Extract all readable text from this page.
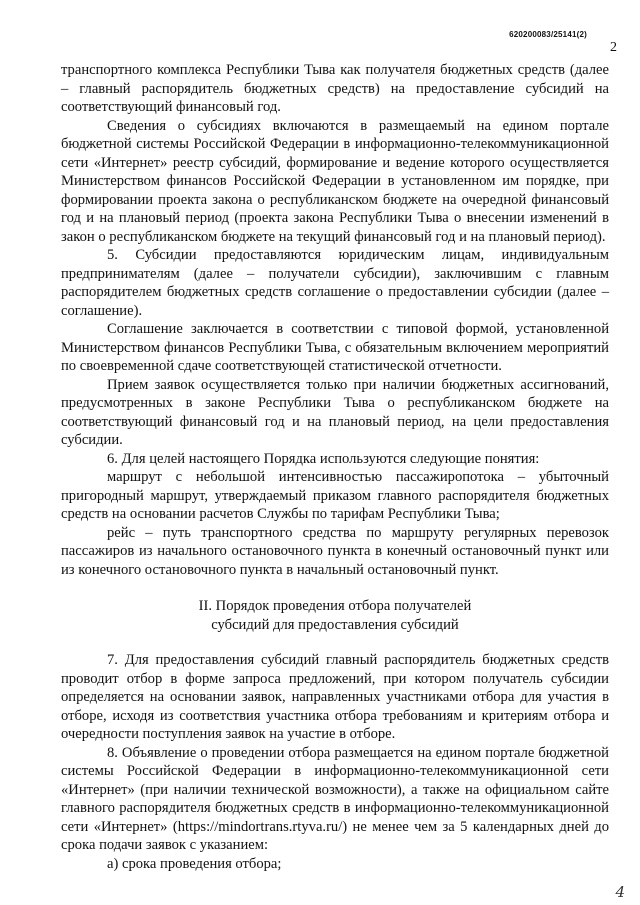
620200083/25141(2)
2

транспортного комплекса Республики Тыва как получателя бюджетных средств (далее – главный распорядитель бюджетных средств) на предоставление субсидий на соответствующий финансовый год.

Сведения о субсидиях включаются в размещаемый на едином портале бюджетной системы Российской Федерации в информационно-телекоммуникационной сети «Интернет» реестр субсидий, формирование и ведение которого осуществляется Министерством финансов Российской Федерации в установленном им порядке, при формировании проекта закона о республиканском бюджете на очередной финансовый год и на плановый период (проекта закона Республики Тыва о внесении изменений в закон о республиканском бюджете на текущий финансовый год и на плановый период).

5. Субсидии предоставляются юридическим лицам, индивидуальным предпринимателям (далее – получатели субсидии), заключившим с главным распорядителем бюджетных средств соглашение о предоставлении субсидии (далее – соглашение).

Соглашение заключается в соответствии с типовой формой, установленной Министерством финансов Республики Тыва, с обязательным включением мероприятий по своевременной сдаче соответствующей статистической отчетности.

Прием заявок осуществляется только при наличии бюджетных ассигнований, предусмотренных в законе Республики Тыва о республиканском бюджете на соответствующий финансовый год и на плановый период, на цели предоставления субсидии.

6. Для целей настоящего Порядка используются следующие понятия:

маршрут с небольшой интенсивностью пассажиропотока – убыточный пригородный маршрут, утверждаемый приказом главного распорядителя бюджетных средств на основании расчетов Службы по тарифам Республики Тыва;

рейс – путь транспортного средства по маршруту регулярных перевозок пассажиров из начального остановочного пункта в конечный остановочный пункт или из конечного остановочного пункта в начальный остановочный пункт.

II. Порядок проведения отбора получателей
субсидий для предоставления субсидий

7. Для предоставления субсидий главный распорядитель бюджетных средств проводит отбор в форме запроса предложений, при котором получатель субсидии определяется на основании заявок, направленных участниками отбора для участия в отборе, исходя из соответствия участника отбора требованиям и критериям отбора и очередности поступления заявок на участие в отборе.

8. Объявление о проведении отбора размещается на едином портале бюджетной системы Российской Федерации в информационно-телекоммуникационной сети «Интернет» (при наличии технической возможности), а также на официальном сайте главного распорядителя бюджетных средств в информационно-телекоммуникационной сети «Интернет» (https://mindortrans.rtyva.ru/) не менее чем за 5 календарных дней до срока подачи заявок с указанием:

а) срока проведения отбора;

4
